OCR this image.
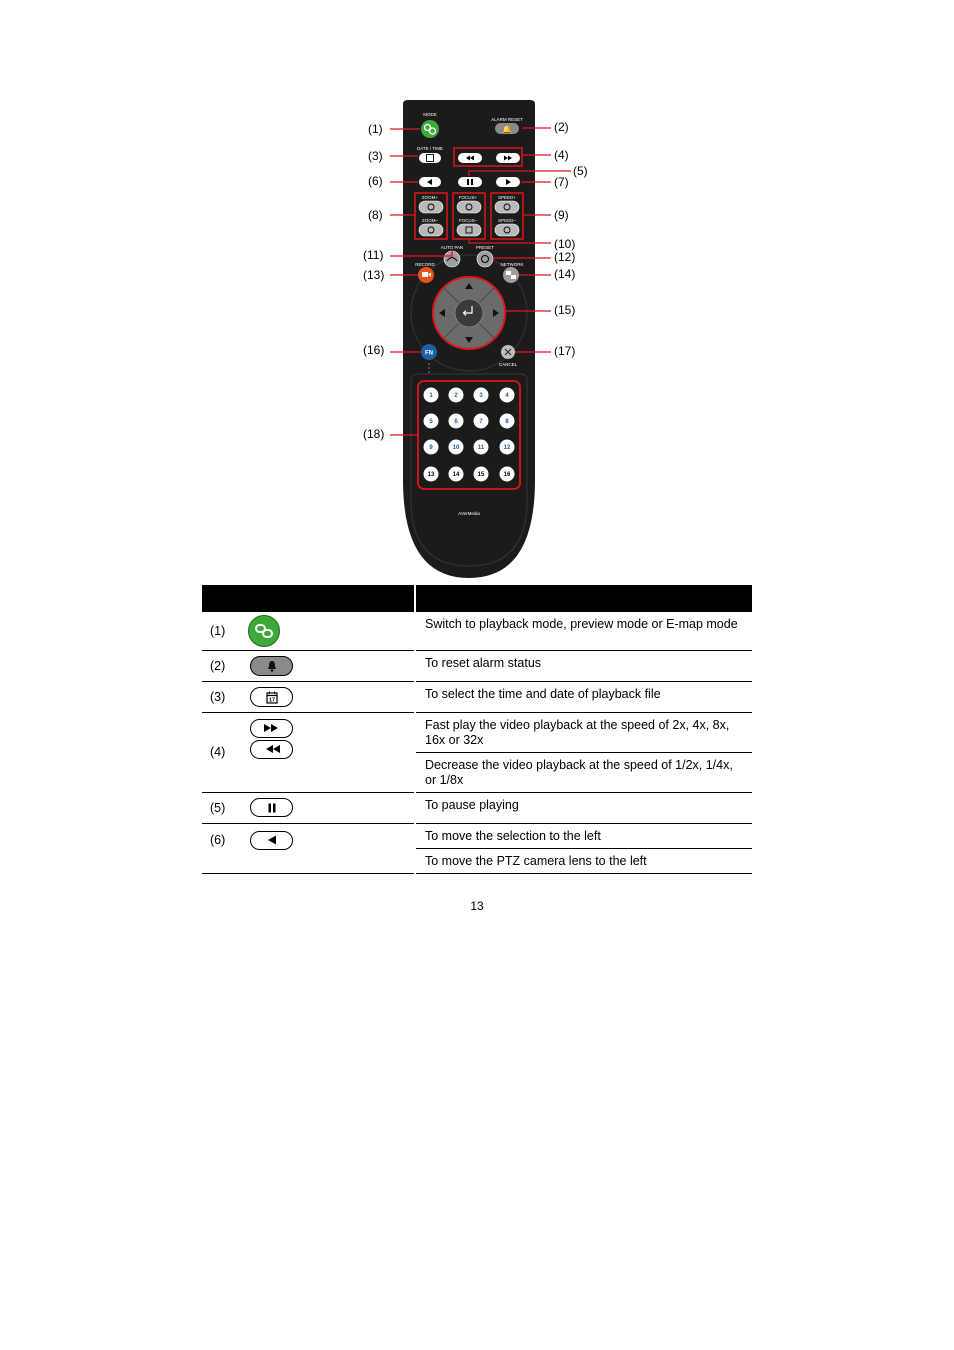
MODE
ALARM RESET
DATE / TIME
ZOOM+
ZOOM–
FOCUS+
FOCUS–
SPEED+
SPEED–
AUTO PAN	PRESET
RECORD	NETWORK
CANCEL
AVerMedia
🔔
FN
1	2	3	4
5	6	7	8
9	10	11	12
13	14	15	16
(1)	(2)
(3)	(4)
(5)
(6)	(7)
(8)	(9)
(10)
(11)	(12)
(13)	(14)
(15)
(16)	(17)
(18)

(1)			Switch to playback mode, preview mode or E-map mode
(2)			To reset alarm status
(3)	17		To select the time and date of playback file
(4)			Fast play the video playback at the speed of 2x, 4x, 8x, 16x or 32x
			Decrease the video playback at the speed of 1/2x, 1/4x, or 1/8x
(5)			To pause playing
(6)			To move the selection to the left
			To move the PTZ camera lens to the left
13
